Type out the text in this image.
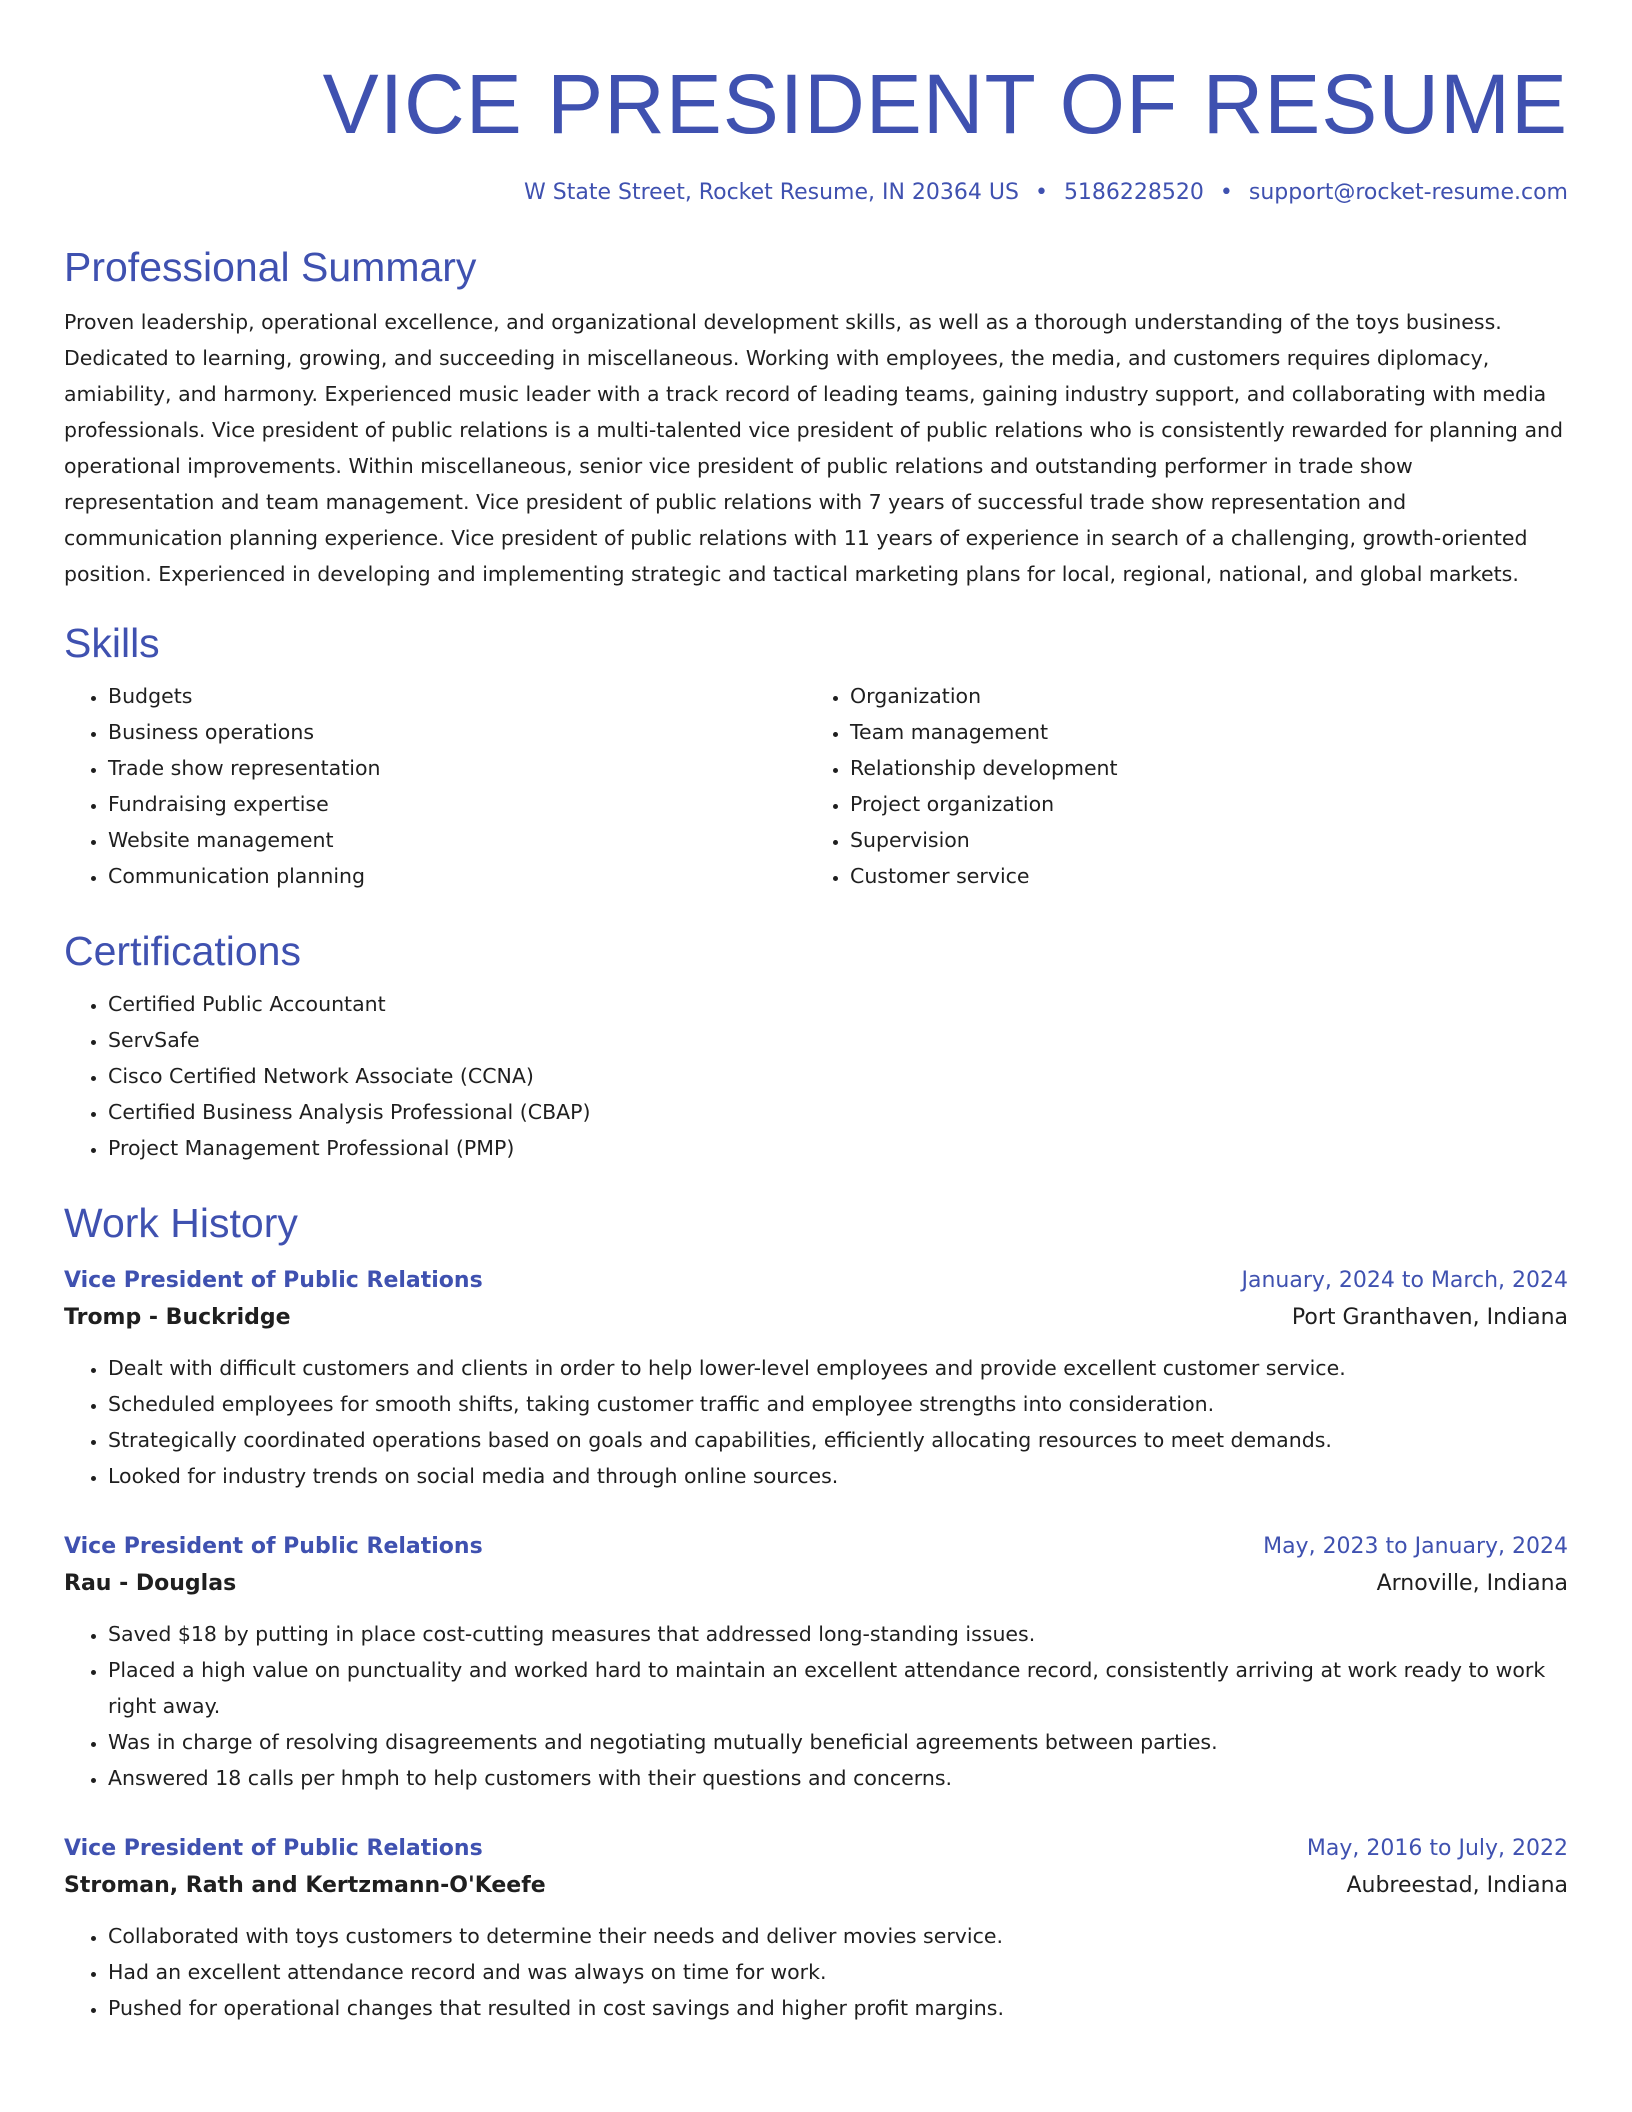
VICE PRESIDENT OF RESUME
W State Street, Rocket Resume, IN 20364 US • 5186228520 • support@rocket-resume.com
Professional Summary
Proven leadership, operational excellence, and organizational development skills, as well as a thorough understanding of the toys business. Dedicated to learning, growing, and succeeding in miscellaneous. Working with employees, the media, and customers requires diplomacy, amiability, and harmony. Experienced music leader with a track record of leading teams, gaining industry support, and collaborating with media professionals. Vice president of public relations is a multi-talented vice president of public relations who is consistently rewarded for planning and operational improvements. Within miscellaneous, senior vice president of public relations and outstanding performer in trade show representation and team management. Vice president of public relations with 7 years of successful trade show representation and communication planning experience. Vice president of public relations with 11 years of experience in search of a challenging, growth-oriented position. Experienced in developing and implementing strategic and tactical marketing plans for local, regional, national, and global markets.
Skills
• Budgets
• Business operations
• Trade show representation
• Fundraising expertise
• Website management
• Communication planning
• Organization
• Team management
• Relationship development
• Project organization
• Supervision
• Customer service
Certifications
• Certified Public Accountant
• ServSafe
• Cisco Certified Network Associate (CCNA)
• Certified Business Analysis Professional (CBAP)
• Project Management Professional (PMP)
Work History
Vice President of Public Relations	January, 2024 to March, 2024
Tromp - Buckridge	Port Granthaven, Indiana
• Dealt with difficult customers and clients in order to help lower-level employees and provide excellent customer service.
• Scheduled employees for smooth shifts, taking customer traffic and employee strengths into consideration.
• Strategically coordinated operations based on goals and capabilities, efficiently allocating resources to meet demands.
• Looked for industry trends on social media and through online sources.
Vice President of Public Relations	May, 2023 to January, 2024
Rau - Douglas	Arnoville, Indiana
• Saved $18 by putting in place cost-cutting measures that addressed long-standing issues.
• Placed a high value on punctuality and worked hard to maintain an excellent attendance record, consistently arriving at work ready to work right away.
• Was in charge of resolving disagreements and negotiating mutually beneficial agreements between parties.
• Answered 18 calls per hmph to help customers with their questions and concerns.
Vice President of Public Relations	May, 2016 to July, 2022
Stroman, Rath and Kertzmann-O'Keefe	Aubreestad, Indiana
• Collaborated with toys customers to determine their needs and deliver movies service.
• Had an excellent attendance record and was always on time for work.
• Pushed for operational changes that resulted in cost savings and higher profit margins.
